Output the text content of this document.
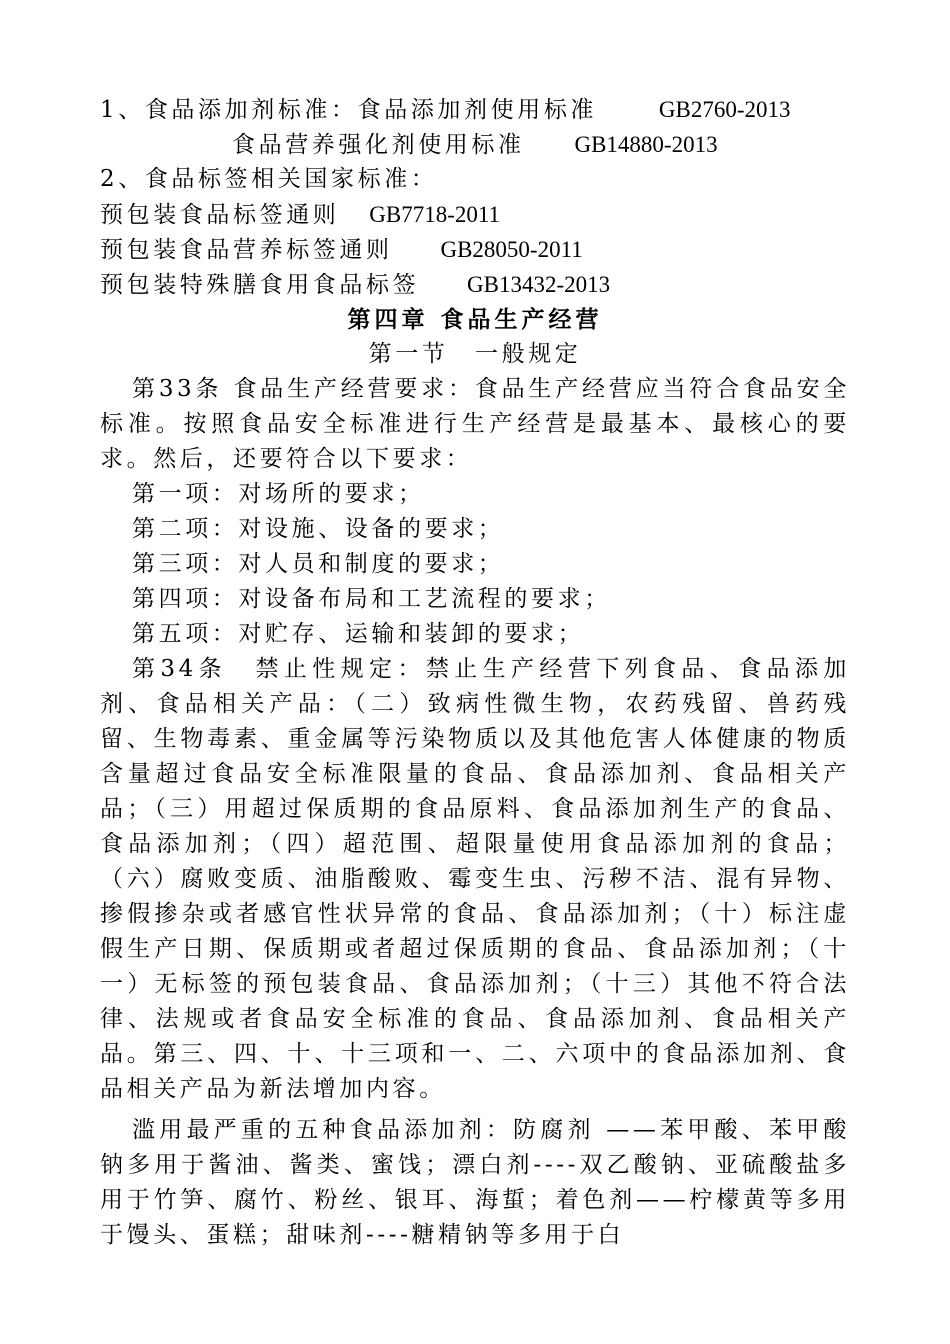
1、食品添加剂标准：食品添加剂使用标准	GB2760-2013
食品营养强化剂使用标准 GB14880-2013
2、食品标签相关国家标准：
预包装食品标签通则 GB7718-2011
预包装食品营养标签通则 GB28050-2011
预包装特殊膳食用食品标签 GB13432-2013
第四章 食品生产经营
第一节　一般规定

第33条 食品生产经营要求：食品生产经营应当符合食品安全标准。按照食品安全标准进行生产经营是最基本、最核心的要求。然后，还要符合以下要求：

第一项：对场所的要求；
第二项：对设施、设备的要求；
第三项：对人员和制度的要求；
第四项：对设备布局和工艺流程的要求；
第五项：对贮存、运输和装卸的要求；

第34条　禁止性规定：禁止生产经营下列食品、食品添加剂、食品相关产品：（二）致病性微生物，农药残留、兽药残留、生物毒素、重金属等污染物质以及其他危害人体健康的物质含量超过食品安全标准限量的食品、食品添加剂、食品相关产品；（三）用超过保质期的食品原料、食品添加剂生产的食品、食品添加剂；（四）超范围、超限量使用食品添加剂的食品；（六）腐败变质、油脂酸败、霉变生虫、污秽不洁、混有异物、掺假掺杂或者感官性状异常的食品、食品添加剂；（十）标注虚假生产日期、保质期或者超过保质期的食品、食品添加剂；（十一）无标签的预包装食品、食品添加剂；（十三）其他不符合法律、法规或者食品安全标准的食品、食品添加剂、食品相关产品。第三、四、十、十三项和一、二、六项中的食品添加剂、食品相关产品为新法增加内容。

滥用最严重的五种食品添加剂：防腐剂 ——苯甲酸、苯甲酸钠多用于酱油、酱类、蜜饯；漂白剂----双乙酸钠、亚硫酸盐多用于竹笋、腐竹、粉丝、银耳、海蜇；着色剂——柠檬黄等多用于馒头、蛋糕；甜味剂----糖精钠等多用于白
